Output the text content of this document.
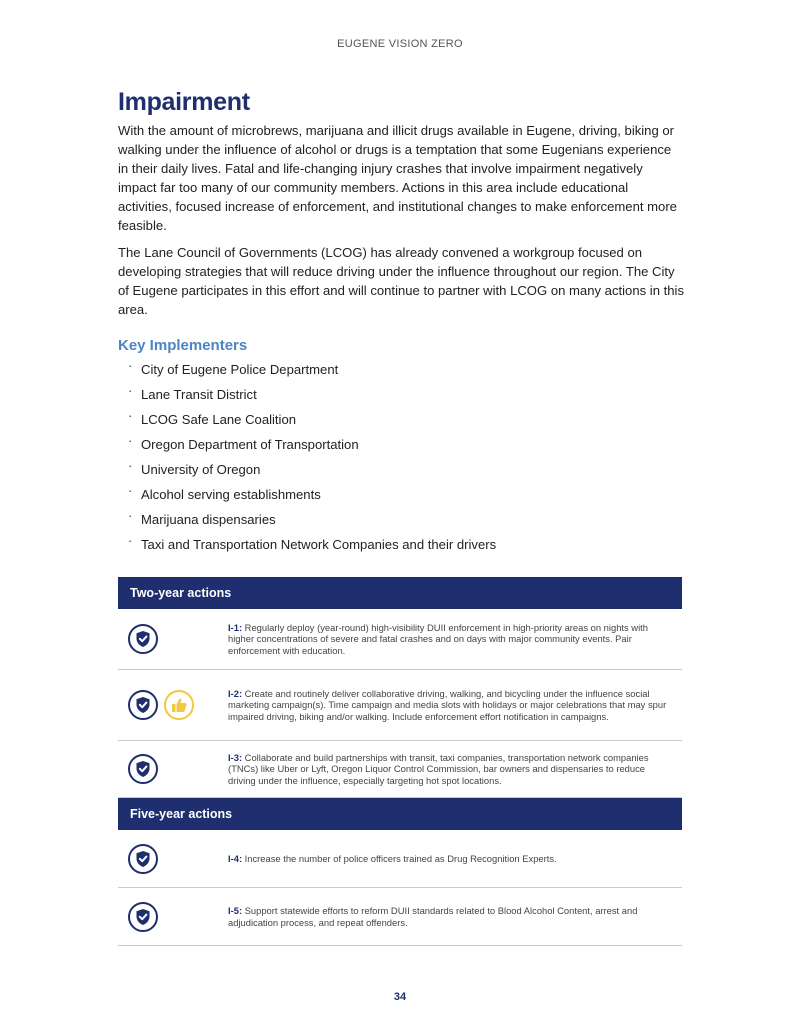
EUGENE VISION ZERO
Impairment

With the amount of microbrews, marijuana and illicit drugs available in Eugene, driving, biking or walking under the influence of alcohol or drugs is a temptation that some Eugenians experience in their daily lives. Fatal and life-changing injury crashes that involve impairment negatively impact far too many of our community members. Actions in this area include educational activities, focused increase of enforcement, and institutional changes to make enforcement more feasible.

The Lane Council of Governments (LCOG) has already convened a workgroup focused on developing strategies that will reduce driving under the influence throughout our region. The City of Eugene participates in this effort and will continue to partner with LCOG on many actions in this area.

Key Implementers
· City of Eugene Police Department
· Lane Transit District
· LCOG Safe Lane Coalition
· Oregon Department of Transportation
· University of Oregon
· Alcohol serving establishments
· Marijuana dispensaries
· Taxi and Transportation Network Companies and their drivers
Two-year actions
I-1: Regularly deploy (year-round) high-visibility DUII enforcement in high-priority areas on nights with higher concentrations of severe and fatal crashes and on days with major community events. Pair enforcement with education.
I-2: Create and routinely deliver collaborative driving, walking, and bicycling under the influence social marketing campaign(s). Time campaign and media slots with holidays or major celebrations that may spur impaired driving, biking and/or walking. Include enforcement effort notification in campaigns.
I-3: Collaborate and build partnerships with transit, taxi companies, transportation network companies (TNCs) like Uber or Lyft, Oregon Liquor Control Commission, bar owners and dispensaries to reduce driving under the influence, especially targeting hot spot locations.
Five-year actions
I-4: Increase the number of police officers trained as Drug Recognition Experts.
I-5: Support statewide efforts to reform DUII standards related to Blood Alcohol Content, arrest and adjudication process, and repeat offenders.
34
